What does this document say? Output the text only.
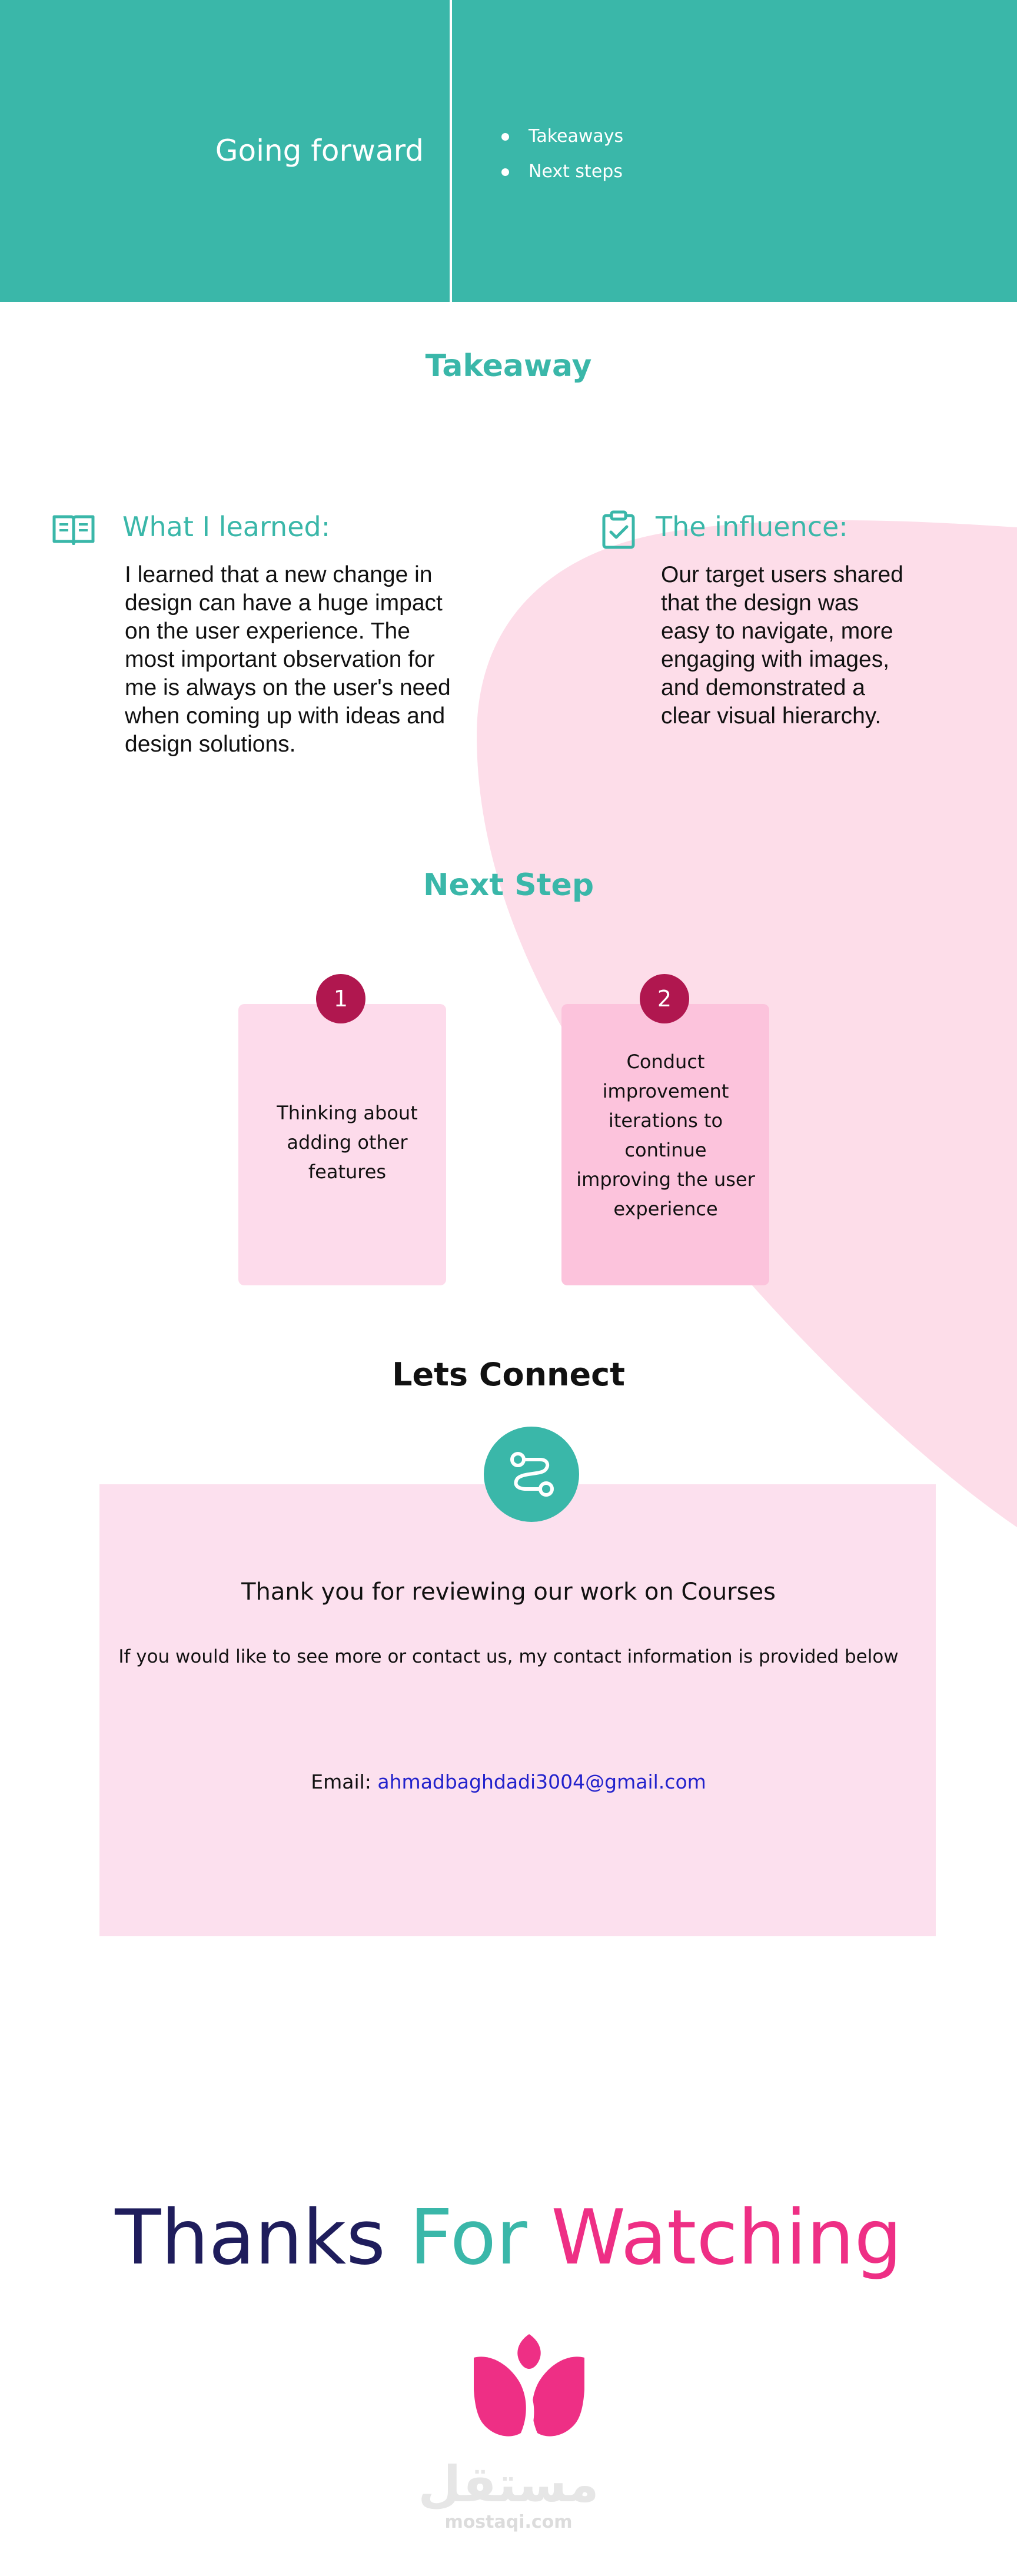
Going forward	Takeaways
Next steps
Takeaway
What I learned:
I learned that a new change in
design can have a huge impact
on the user experience. The
most important observation for
me is always on the user's need
when coming up with ideas and
design solutions.
The influence:
Our target users shared
that the design was
easy to navigate, more
engaging with images,
and demonstrated a
clear visual hierarchy.
Next Step
1
Thinking about
adding other
features
2
Conduct
improvement
iterations to
continue
improving the user
experience
Lets Connect
Thank you for reviewing our work on Courses
If you would like to see more or contact us, my contact information is provided below
Email: ahmadbaghdadi3004@gmail.com
Thanks For Watching
مستقل
mostaqi.com
